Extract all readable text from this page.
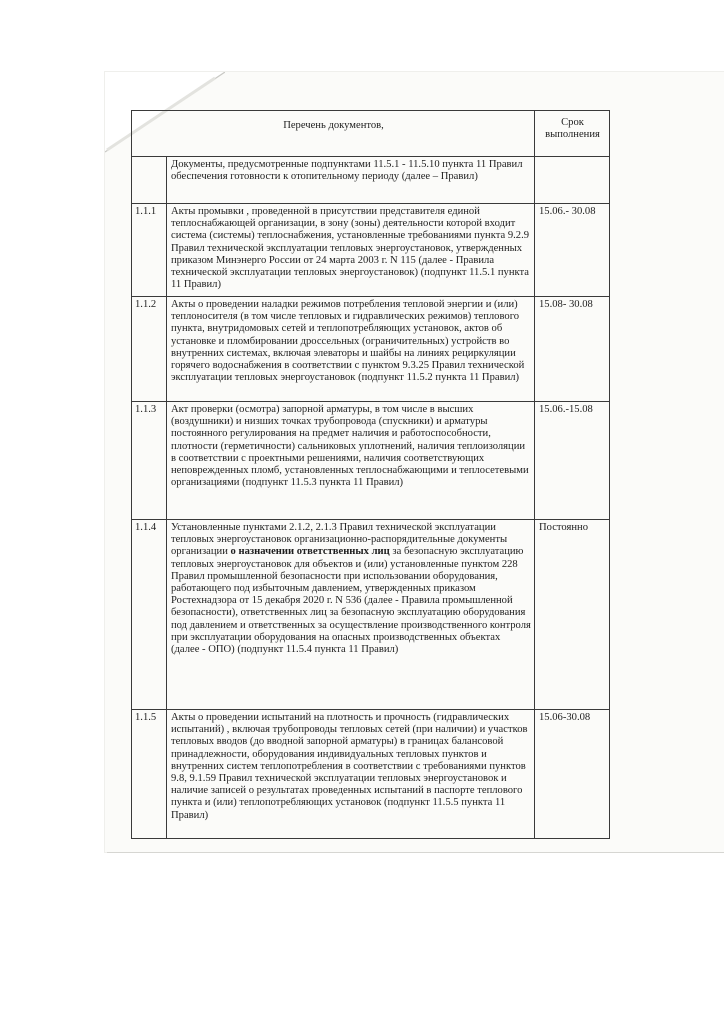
Перечень документов,		Срок выполнения
	Документы, предусмотренные подпунктами 11.5.1 - 11.5.10 пункта 11 Правил обеспечения готовности к отопительному периоду (далее – Правил)	
1.1.1	Акты промывки , проведенной в присутствии представителя единой теплоснабжающей организации, в зону (зоны) деятельности которой входит система (системы) теплоснабжения, установленные требованиями пункта 9.2.9 Правил технической эксплуатации тепловых энергоустановок, утвержденных приказом Минэнерго России от 24 марта 2003 г. N 115 (далее - Правила технической эксплуатации тепловых энергоустановок) (подпункт 11.5.1 пункта 11 Правил)	15.06.- 30.08
1.1.2	Акты о проведении наладки режимов потребления тепловой энергии и (или) теплоносителя (в том числе тепловых и гидравлических режимов) теплового пункта, внутридомовых сетей и теплопотребляющих установок, актов об установке и пломбировании дроссельных (ограничительных) устройств во внутренних системах, включая элеваторы и шайбы на линиях рециркуляции горячего водоснабжения в соответствии с пунктом 9.3.25 Правил технической эксплуатации тепловых энергоустановок (подпункт 11.5.2 пункта 11 Правил)	15.08- 30.08
1.1.3	Акт проверки (осмотра) запорной арматуры, в том числе в высших (воздушники) и низших точках трубопровода (спускники) и арматуры постоянного регулирования на предмет наличия и работоспособности, плотности (герметичности) сальниковых уплотнений, наличия теплоизоляции в соответствии с проектными решениями, наличия соответствующих неповрежденных пломб, установленных теплоснабжающими и теплосетевыми организациями (подпункт 11.5.3 пункта 11 Правил)	15.06.-15.08
1.1.4	Установленные пунктами 2.1.2, 2.1.3 Правил технической эксплуатации тепловых энергоустановок организационно-распорядительные документы организации о назначении ответственных лиц за безопасную эксплуатацию тепловых энергоустановок для объектов и (или) установленные пунктом 228 Правил промышленной безопасности при использовании оборудования, работающего под избыточным давлением, утвержденных приказом Ростехнадзора от 15 декабря 2020 г. N 536 (далее - Правила промышленной безопасности), ответственных лиц за безопасную эксплуатацию оборудования под давлением и ответственных за осуществление производственного контроля при эксплуатации оборудования на опасных производственных объектах (далее - ОПО) (подпункт 11.5.4 пункта 11 Правил)	Постоянно
1.1.5	Акты о проведении испытаний на плотность и прочность (гидравлических испытаний) , включая трубопроводы тепловых сетей (при наличии) и участков тепловых вводов (до вводной запорной арматуры) в границах балансовой принадлежности, оборудования индивидуальных тепловых пунктов и внутренних систем теплопотребления в соответствии с требованиями пунктов 9.8, 9.1.59 Правил технической эксплуатации тепловых энергоустановок и наличие записей о результатах проведенных испытаний в паспорте теплового пункта и (или) теплопотребляющих установок (подпункт 11.5.5 пункта 11 Правил)	15.06-30.08
